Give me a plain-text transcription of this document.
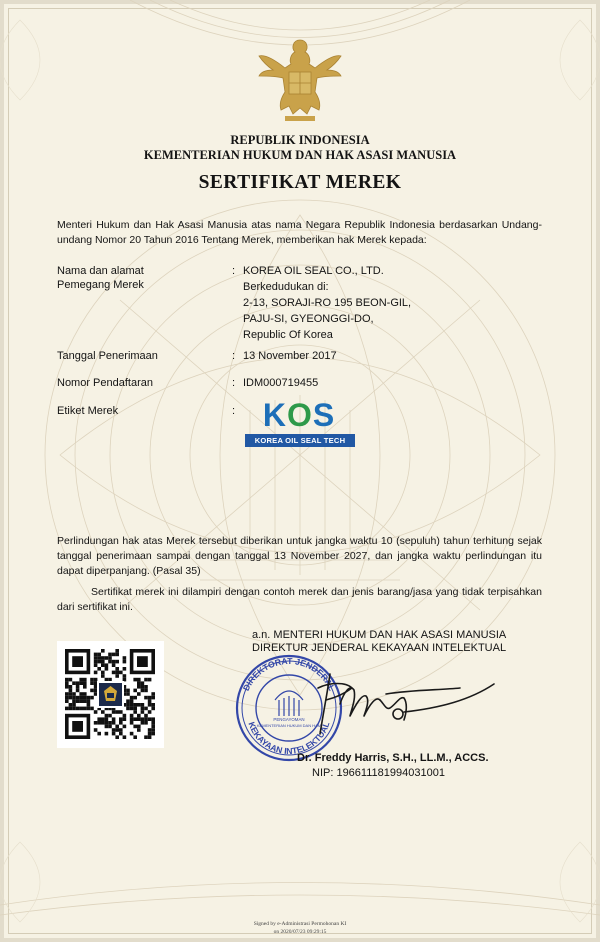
REPUBLIK INDONESIA
KEMENTERIAN HUKUM DAN HAK ASASI MANUSIA
SERTIFIKAT MEREK
Menteri Hukum dan Hak Asasi Manusia atas nama Negara Republik Indonesia berdasarkan Undang-undang Nomor 20 Tahun 2016 Tentang Merek, memberikan hak Merek kepada:
Nama dan alamat
Pemegang Merek
: KOREA OIL SEAL CO., LTD.
Berkedudukan di:
2-13, SORAJI-RO 195 BEON-GIL,
PAJU-SI, GYEONGGI-DO,
Republic Of Korea
Tanggal Penerimaan	: 13 November 2017
Nomor Pendaftaran	: IDM000719455
Etiket Merek	: KOS
KOREA OIL SEAL TECH
Perlindungan hak atas Merek tersebut diberikan untuk jangka waktu 10 (sepuluh) tahun terhitung sejak tanggal penerimaan sampai dengan tanggal 13 November 2027, dan jangka waktu perlindungan itu dapat diperpanjang. (Pasal 35)
Sertifikat merek ini dilampiri dengan contoh merek dan jenis barang/jasa yang tidak terpisahkan dari sertifikat ini.
a.n. MENTERI HUKUM DAN HAK ASASI MANUSIA
DIREKTUR JENDERAL KEKAYAAN INTELEKTUAL
DIREKTORAT JENDERAL
KEKAYAAN INTELEKTUAL
PENGAYOMAN
KEMENTERIAN HUKUM DAN HAM
Dr. Freddy Harris, S.H., LL.M., ACCS.
NIP: 196611181994031001
Signed by e-Administrasi Permohonan KI
on 2020/07/23 09:29:15
